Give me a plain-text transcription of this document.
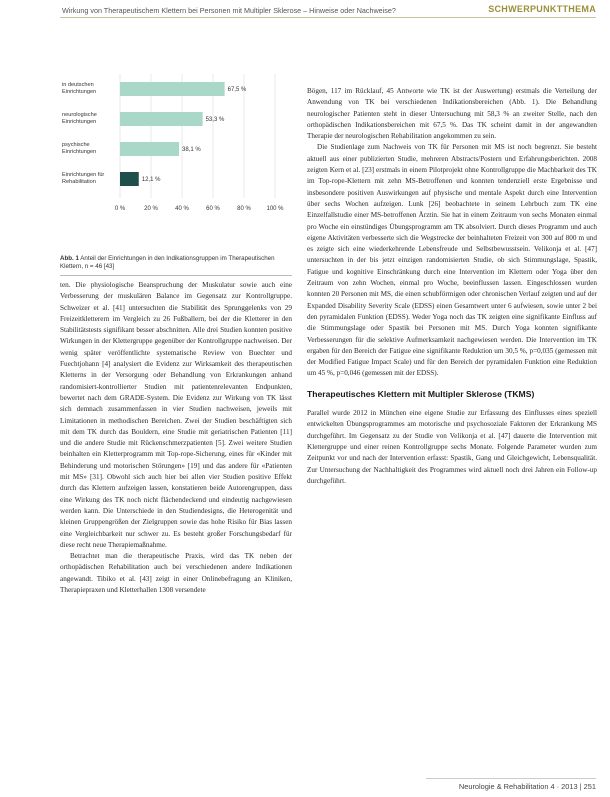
Wirkung von Therapeutischem Klettern bei Personen mit Multipler Sklerose – Hinweise oder Nachweise?	SCHWERPUNKTTHEMA
in deutschen Einrichtungen	67,5 %
neurologische Einrichtungen	53,3 %
psychische Einrichtungen	38,1 %
Einrichtungen für Rehabilitation	12,1 %
0 %	20 %	40 %	60 %	80 %	100 %
Abb. 1 Anteil der Einrichtungen in den Indikationsgruppen im Therapeutischen Klettern, n = 46 [43]

ten. Die physiologische Beanspruchung der Muskulatur sowie auch eine Verbesserung der muskulären Balance im Gegensatz zur Kontrollgruppe. Schweizer et al. [41] untersuchten die Stabilität des Sprunggelenks von 29 Freizeitkletterern im Vergleich zu 26 Fußballern, bei der die Kletterer in den Stabilitätstests signifikant besser abschnitten. Alle drei Studien konnten positive Wirkungen in der Klettergruppe gegenüber der Kontrollgruppe nachweisen. Der wenig später veröffentlichte systematische Review von Buechter und Fuechtjohann [4] analysiert die Evidenz zur Wirksamkeit des therapeutischen Kletterns in der Versorgung oder Behandlung von Erkrankungen anhand randomisiert-kontrollierter Studien mit patientenrelevanten Endpunkten, bewertet nach dem GRADE-System. Die Evidenz zur Wirkung von TK lässt sich demnach zusammenfassen in vier Studien nachweisen, jeweils mit Limitationen in methodischen Bereichen. Zwei der Studien beschäftigten sich mit dem TK durch das Bouldern, eine Studie mit geriatrischen Patienten [11] und die andere Studie mit Rückenschmerzpatienten [5]. Zwei weitere Studien beinhalten ein Kletterprogramm mit Top-rope-Sicherung, eines für «Kinder mit Behinderung und motorischen Störungen» [19] und das andere für «Patienten mit MS» [31]. Obwohl sich auch hier bei allen vier Studien positive Effekt durch das Klettern aufzeigen lassen, konstatieren beide Autorengruppen, dass eine Wirkung des TK noch nicht flächendeckend und eindeutig nachgewiesen werden kann. Die Unterschiede in den Studiendesigns, die Heterogenität und kleinen Gruppengrößen der Zielgruppen sowie das hohe Risiko für Bias lassen eine Vergleichbarkeit nur schwer zu. Es besteht großer Forschungsbedarf für diese recht neue Therapiemaßnahme.

Betrachtet man die therapeutische Praxis, wird das TK neben der orthopädischen Rehabilitation auch bei verschiedenen andere Indikationen angewandt. Tibiko et al. [43] zeigt in einer Onlinebefragung an Kliniken, Therapiepraxen und Kletterhallen 1308 versendete

Bögen, 117 im Rücklauf, 45 Antworte wie TK ist der Auswertung) erstmals die Verteilung der Anwendung von TK bei verschiedenen Indikationsbereichen (Abb. 1). Die Behandlung neurologischer Patienten steht in dieser Untersuchung mit 58,3 % an zweiter Stelle, nach den orthopädischen Indikationsbereichen mit 67,5 %. Das TK scheint damit in der angewandten Therapie der neurologischen Rehabilitation angekommen zu sein.

Die Studienlage zum Nachweis von TK für Personen mit MS ist noch begrenzt. Sie besteht aktuell aus einer publizierten Studie, mehreren Abstracts/Postern und Erfahrungsberichten. 2008 zeigten Kern et al. [23] erstmals in einem Pilotprojekt ohne Kontrollgruppe die Machbarkeit des TK im Top-rope-Klettern mit zehn MS-Betroffenen und konnten tendenziell erste Ergebnisse und insbesondere positiven Auswirkungen auf physische und mentale Aspekt durch eine Intervention über sechs Wochen aufzeigen. Lunk [26] beobachtete in seinem Lehrbuch zum TK eine Einzelfallstudie einer MS-betroffenen Ärztin. Sie hat in einem Zeitraum von sechs Monaten einmal pro Woche ein einstündiges Übungsprogramm am TK absolviert. Durch dieses Programm und auch eigene Aktivitäten verbesserte sich die Wegstrecke der beinhalteten Freizeit von 300 auf 800 m und es zeigte sich eine wiederkehrende Lebensfreude und Selbstbewusstsein. Velikonja et al. [47] untersuchten in der bis jetzt einzigen randomisierten Studie, ob sich Stimmungslage, Spastik, Fatigue und kognitive Einschränkung durch eine Intervention im Klettern oder Yoga über den Zeitraum von zehn Wochen, einmal pro Woche, beeinflussen lassen. Eingeschlossen wurden konnten 20 Personen mit MS, die einen schubförmigen oder chronischen Verlauf zeigten und auf der Expanded Disability Severity Scale (EDSS) einen Gesamtwert unter 6 aufwiesen, sowie unter 2 bei den pyramidalen Funktion (EDSS). Weder Yoga noch das TK zeigten eine signifikante Einfluss auf die Stimmungslage oder Spastik bei Personen mit MS. Durch Yoga konnten signifikante Verbesserungen für die selektive Aufmerksamkeit nachgewiesen werden. Die Intervention im TK ergaben für den Bereich der Fatigue eine signifikante Reduktion um 30,5 %, p=0,035 (gemessen mit der Modified Fatigue Impact Scale) und für den Bereich der pyramidalen Funktion eine Reduktion um 45 %, p=0,046 (gemessen mit der EDSS).

Therapeutisches Klettern mit Multipler Sklerose (TKMS)

Parallel wurde 2012 in München eine eigene Studie zur Erfassung des Einflusses eines speziell entwickelten Übungsprogrammes am motorische und psychosoziale Faktoren der Erkrankung MS durchgeführt. Im Gegensatz zu der Studie von Velikonja et al. [47] dauerte die Intervention mit Klettergruppe und einer reinen Kontrollgruppe sechs Monate. Folgende Parameter wurden zum Zeitpunkt vor und nach der Intervention erfasst: Spastik, Gang und Gleichgewicht, Lebensqualität. Zur Untersuchung der Nachhaltigkeit des Programmes wird aktuell noch drei Jahren ein Follow-up durchgeführt.

Neurologie & Rehabilitation 4 · 2013 | 251
